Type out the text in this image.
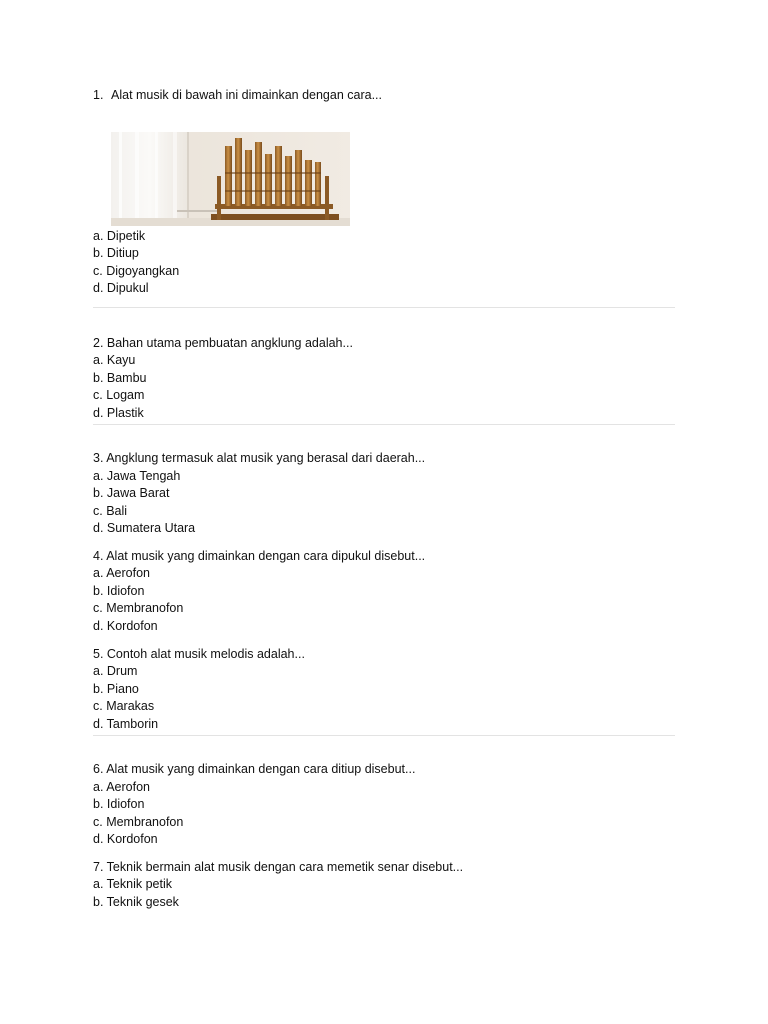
1. Alat musik di bawah ini dimainkan dengan cara...
a. Dipetik
b. Ditiup
c. Digoyangkan
d. Dipukul
2. Bahan utama pembuatan angklung adalah...
a. Kayu
b. Bambu
c. Logam
d. Plastik
3. Angklung termasuk alat musik yang berasal dari daerah...
a. Jawa Tengah
b. Jawa Barat
c. Bali
d. Sumatera Utara
4. Alat musik yang dimainkan dengan cara dipukul disebut...
a. Aerofon
b. Idiofon
c. Membranofon
d. Kordofon
5. Contoh alat musik melodis adalah...
a. Drum
b. Piano
c. Marakas
d. Tamborin
6. Alat musik yang dimainkan dengan cara ditiup disebut...
a. Aerofon
b. Idiofon
c. Membranofon
d. Kordofon
7. Teknik bermain alat musik dengan cara memetik senar disebut...
a. Teknik petik
b. Teknik gesek
